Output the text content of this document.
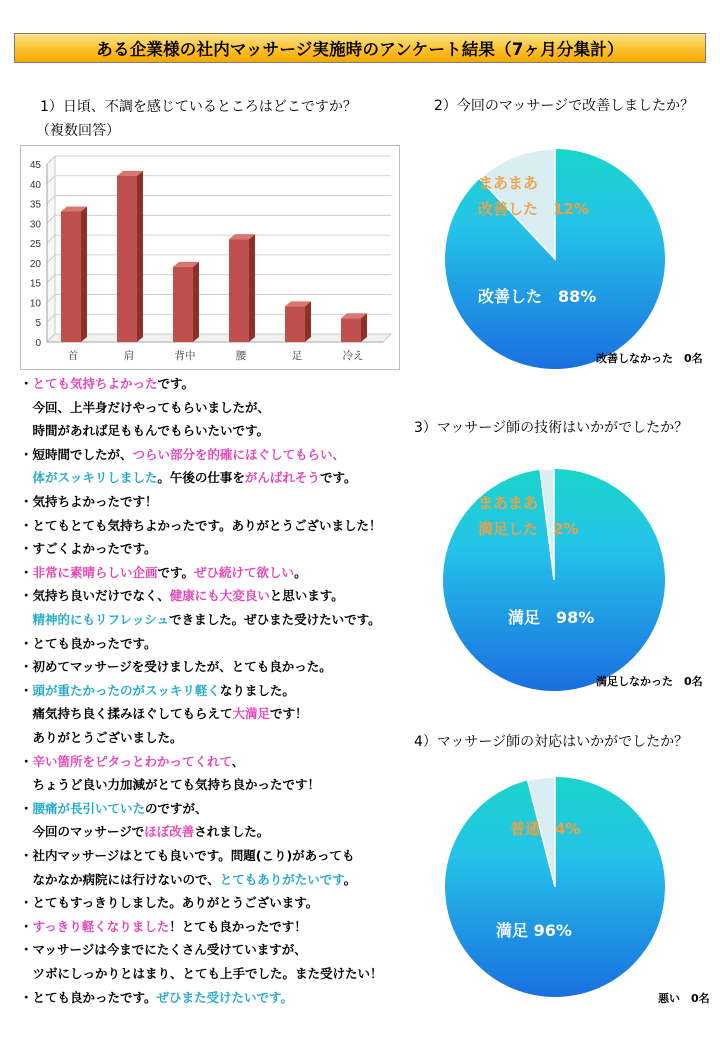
ある企業様の社内マッサージ実施時のアンケート結果（7ヶ月分集計）
1）日頃、不調を感じているところはどこですか？
（複数回答）
0
5
10
15
20
25
30
35
40
45
首	肩	背中	腰	足	冷え
・とても気持ちよかったです。
　今回、上半身だけやってもらいましたが、
　時間があれば足ももんでもらいたいです。
・短時間でしたが、つらい部分を的確にほぐしてもらい、
　体がスッキリしました。午後の仕事をがんばれそうです。
・気持ちよかったです！
・とてもとても気持ちよかったです。ありがとうございました！
・すごくよかったです。
・非常に素晴らしい企画です。ぜひ続けて欲しい。
・気持ち良いだけでなく、健康にも大変良いと思います。
　精神的にもリフレッシュできました。ぜひまた受けたいです。
・とても良かったです。
・初めてマッサージを受けましたが、とても良かった。
・頭が重たかったのがスッキリ軽くなりました。
　痛気持ち良く揉みほぐしてもらえて大満足です！
　ありがとうございました。
・辛い箇所をピタっとわかってくれて、
　ちょうど良い力加減がとても気持ち良かったです！
・腰痛が長引いていたのですが、
　今回のマッサージでほぼ改善されました。
・社内マッサージはとても良いです。問題(こり)があっても
　なかなか病院には行けないので、とてもありがたいです。
・とてもすっきりしました。ありがとうございます。
・すっきり軽くなりました！とても良かったです！
・マッサージは今までにたくさん受けていますが、
　ツボにしっかりとはまり、とても上手でした。また受けたい！
・とても良かったです。ぜひまた受けたいです。
2）今回のマッサージで改善しましたか？
まあまあ
改善した　12%
改善した　88%
改善しなかった　0名
3）マッサージ師の技術はいかがでしたか？
まあまあ
満足した　2%
満足　98%
満足しなかった　0名
4）マッサージ師の対応はいかがでしたか？
普通　4%
満足 96%
悪い　0名
